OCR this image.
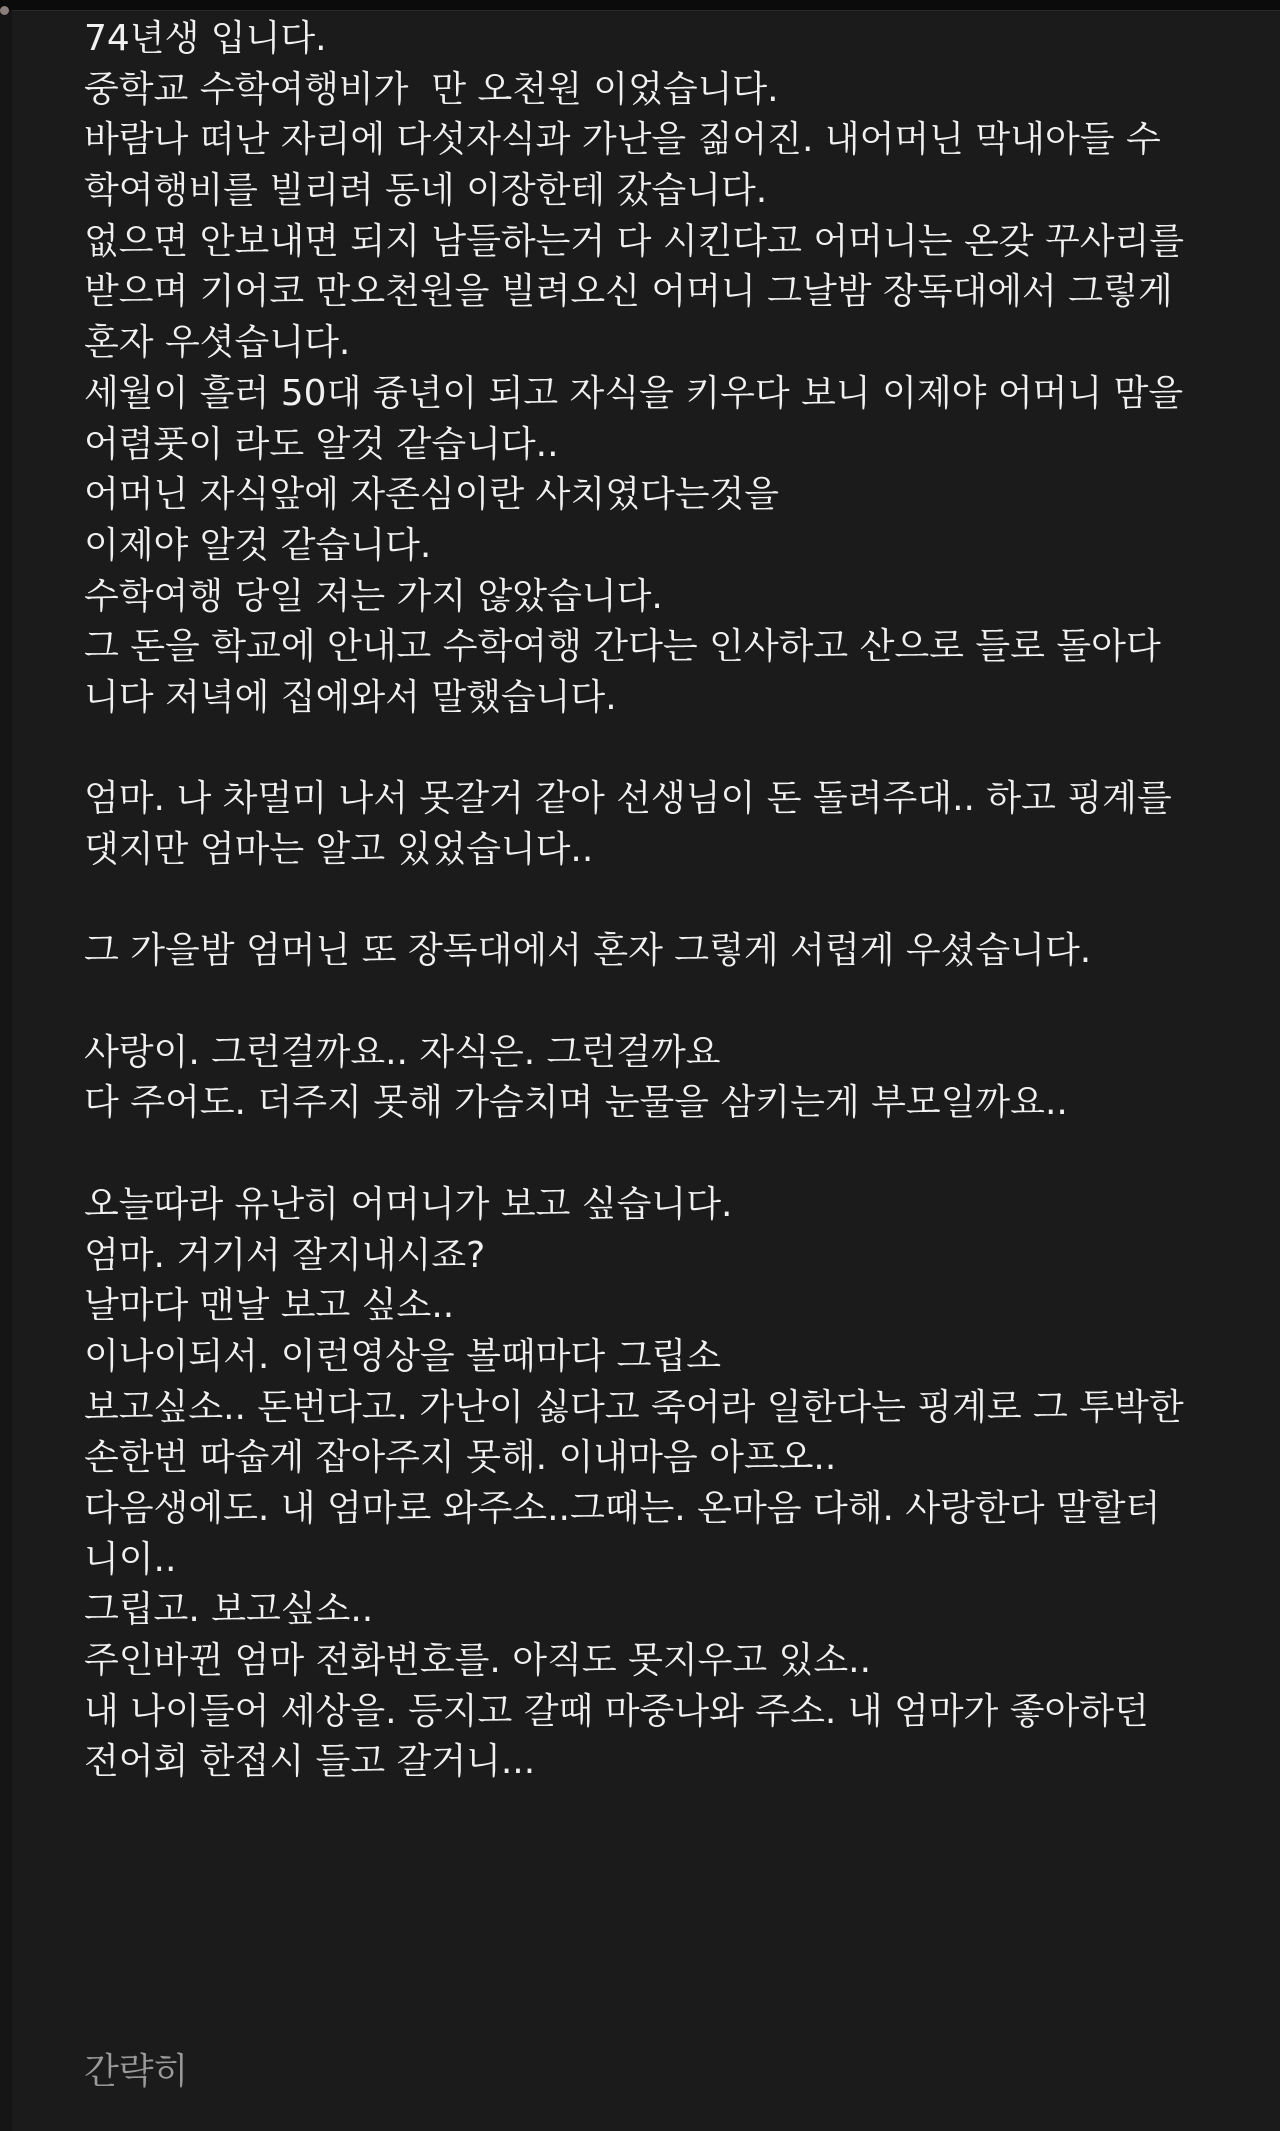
74년생 입니다.
중학교 수학여행비가  만 오천원 이었습니다.
바람나 떠난 자리에 다섯자식과 가난을 짊어진. 내어머닌 막내아들 수
학여행비를 빌리려 동네 이장한테 갔습니다.
없으면 안보내면 되지 남들하는거 다 시킨다고 어머니는 온갖 꾸사리를
받으며 기어코 만오천원을 빌려오신 어머니 그날밤 장독대에서 그렇게
혼자 우셧습니다.
세월이 흘러 50대 즁년이 되고 자식을 키우다 보니 이제야 어머니 맘을
어렴풋이 라도 알것 같습니다..
어머닌 자식앞에 자존심이란 사치였다는것을
이제야 알것 같습니다.
수학여행 당일 저는 가지 않았습니다.
그 돈을 학교에 안내고 수학여행 간다는 인사하고 산으로 들로 돌아다
니다 저녁에 집에와서 말했습니다.
엄마. 나 차멀미 나서 못갈거 같아 선생님이 돈 돌려주대.. 하고 핑계를
댓지만 엄마는 알고 있었습니다..
그 가을밤 엄머닌 또 장독대에서 혼자 그렇게 서럽게 우셨습니다.
사랑이. 그런걸까요.. 자식은. 그런걸까요
다 주어도. 더주지 못해 가슴치며 눈물을 삼키는게 부모일까요..
오늘따라 유난히 어머니가 보고 싶습니다.
엄마. 거기서 잘지내시죠?
날마다 맨날 보고 싶소..
이나이되서. 이런영상을 볼때마다 그립소
보고싶소.. 돈번다고. 가난이 싫다고 죽어라 일한다는 핑계로 그 투박한
손한번 따숩게 잡아주지 못해. 이내마음 아프오..
다음생에도. 내 엄마로 와주소..그때는. 온마음 다해. 사랑한다 말할터
니이..
그립고. 보고싶소..
주인바뀐 엄마 전화번호를. 아직도 못지우고 있소..
내 나이들어 세상을. 등지고 갈때 마중나와 주소. 내 엄마가 좋아하던
전어회 한접시 들고 갈거니...
간략히
